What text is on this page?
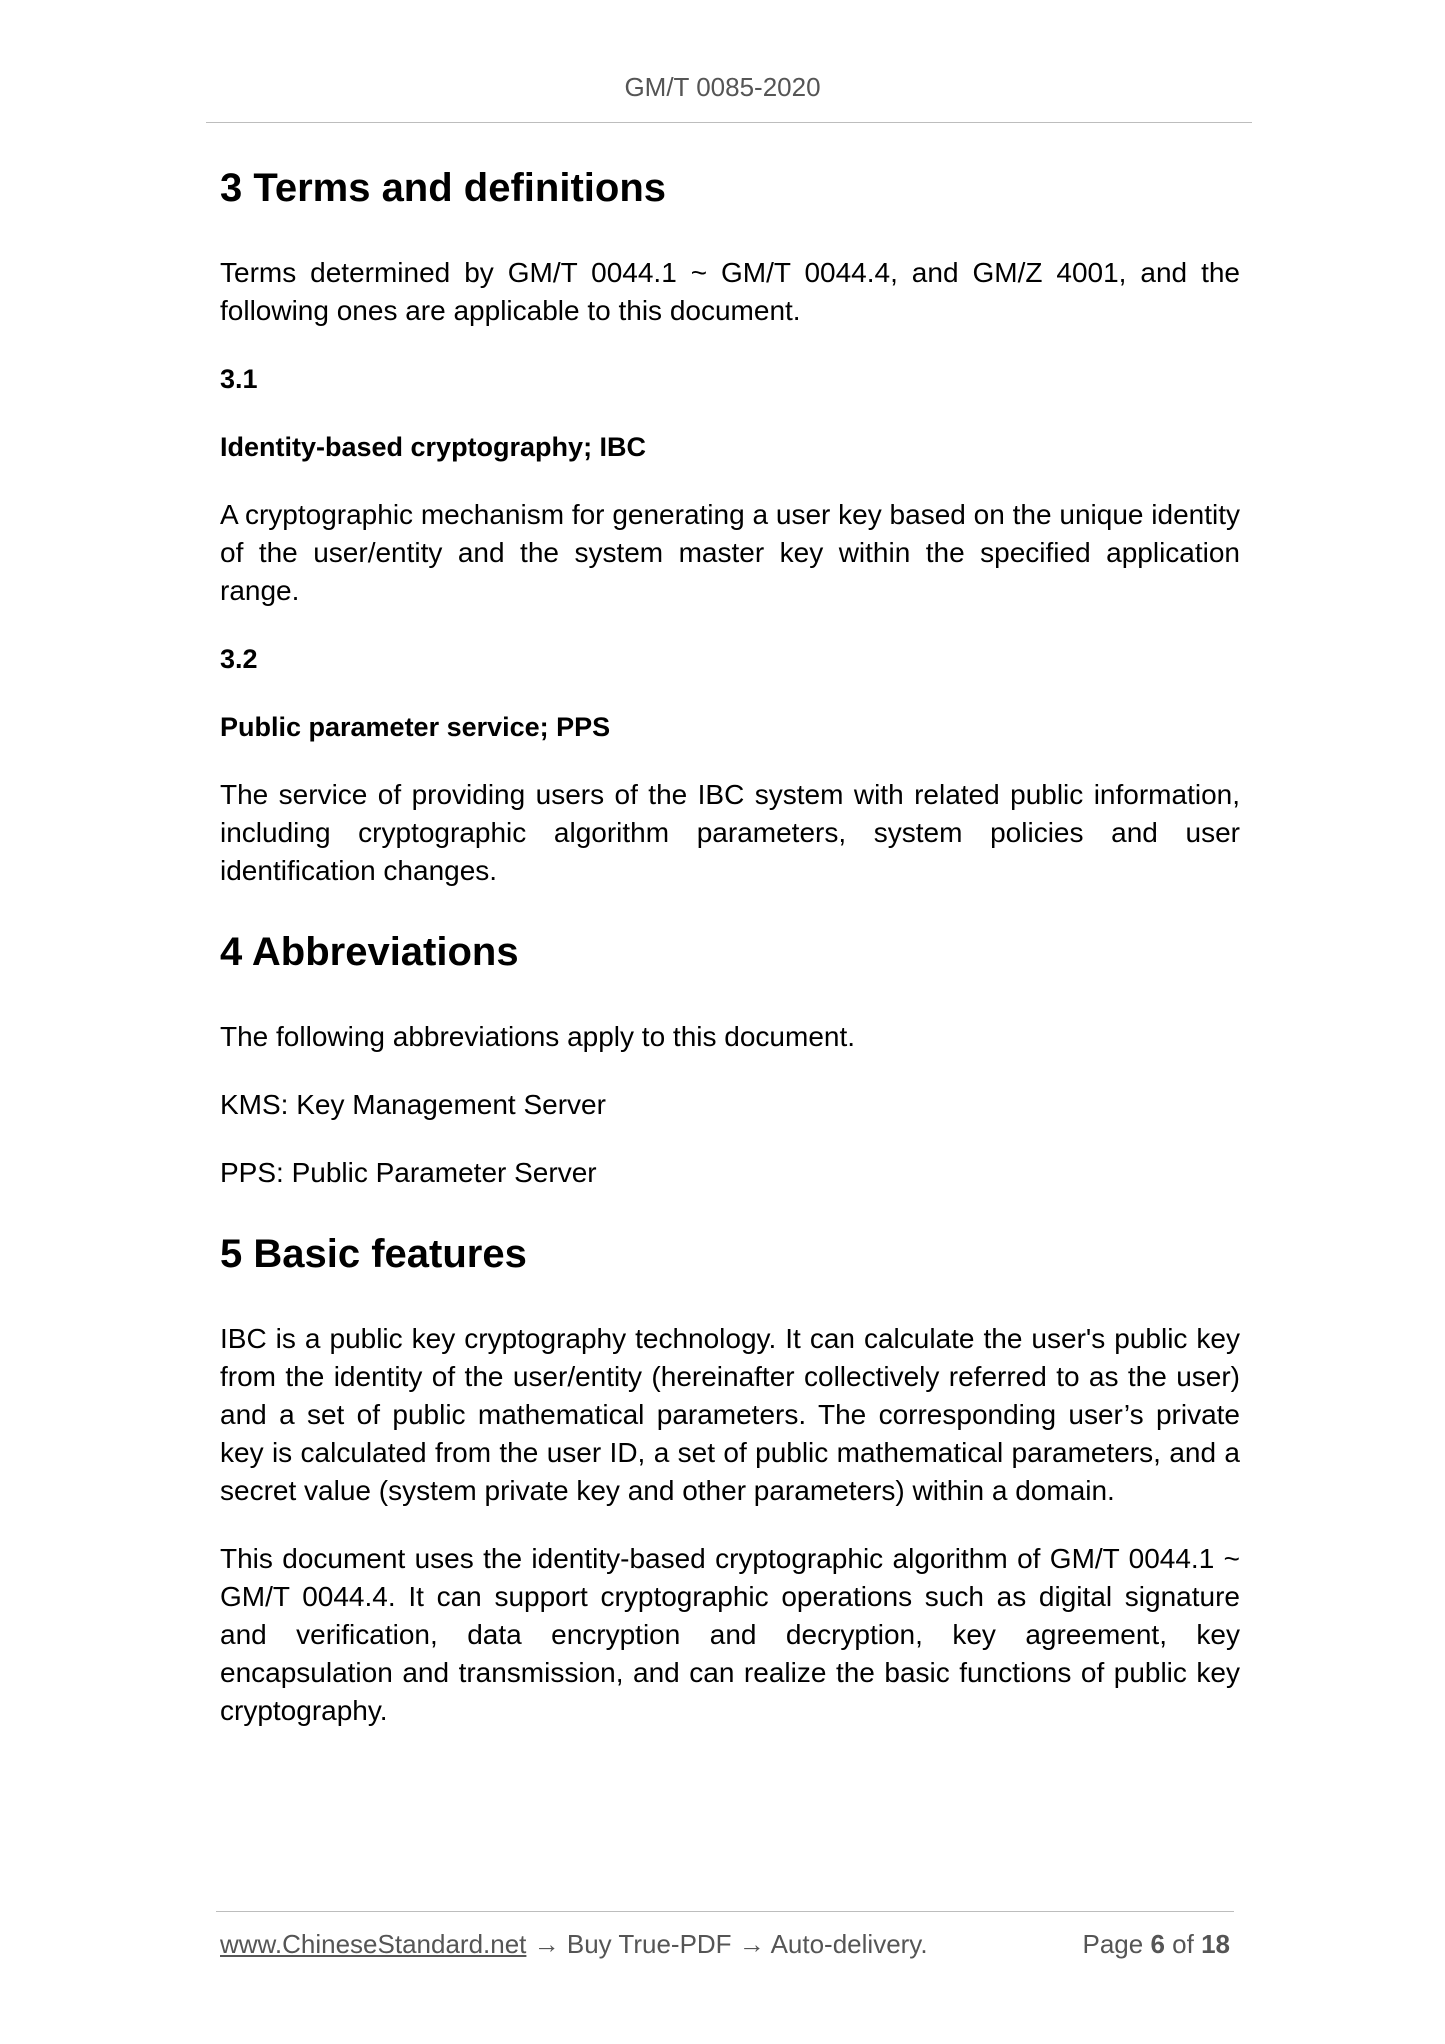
GM/T 0085-2020
3 Terms and definitions
Terms determined by GM/T 0044.1 ~ GM/T 0044.4, and GM/Z 4001, and the following ones are applicable to this document.
3.1
Identity-based cryptography; IBC
A cryptographic mechanism for generating a user key based on the unique identity of the user/entity and the system master key within the specified application range.
3.2
Public parameter service; PPS
The service of providing users of the IBC system with related public information, including cryptographic algorithm parameters, system policies and user identification changes.
4 Abbreviations
The following abbreviations apply to this document.
KMS: Key Management Server
PPS: Public Parameter Server
5 Basic features
IBC is a public key cryptography technology. It can calculate the user's public key from the identity of the user/entity (hereinafter collectively referred to as the user) and a set of public mathematical parameters. The corresponding user’s private key is calculated from the user ID, a set of public mathematical parameters, and a secret value (system private key and other parameters) within a domain.
This document uses the identity-based cryptographic algorithm of GM/T 0044.1 ~ GM/T 0044.4. It can support cryptographic operations such as digital signature and verification, data encryption and decryption, key agreement, key encapsulation and transmission, and can realize the basic functions of public key cryptography.
www.ChineseStandard.net → Buy True-PDF → Auto-delivery.	Page 6 of 18
